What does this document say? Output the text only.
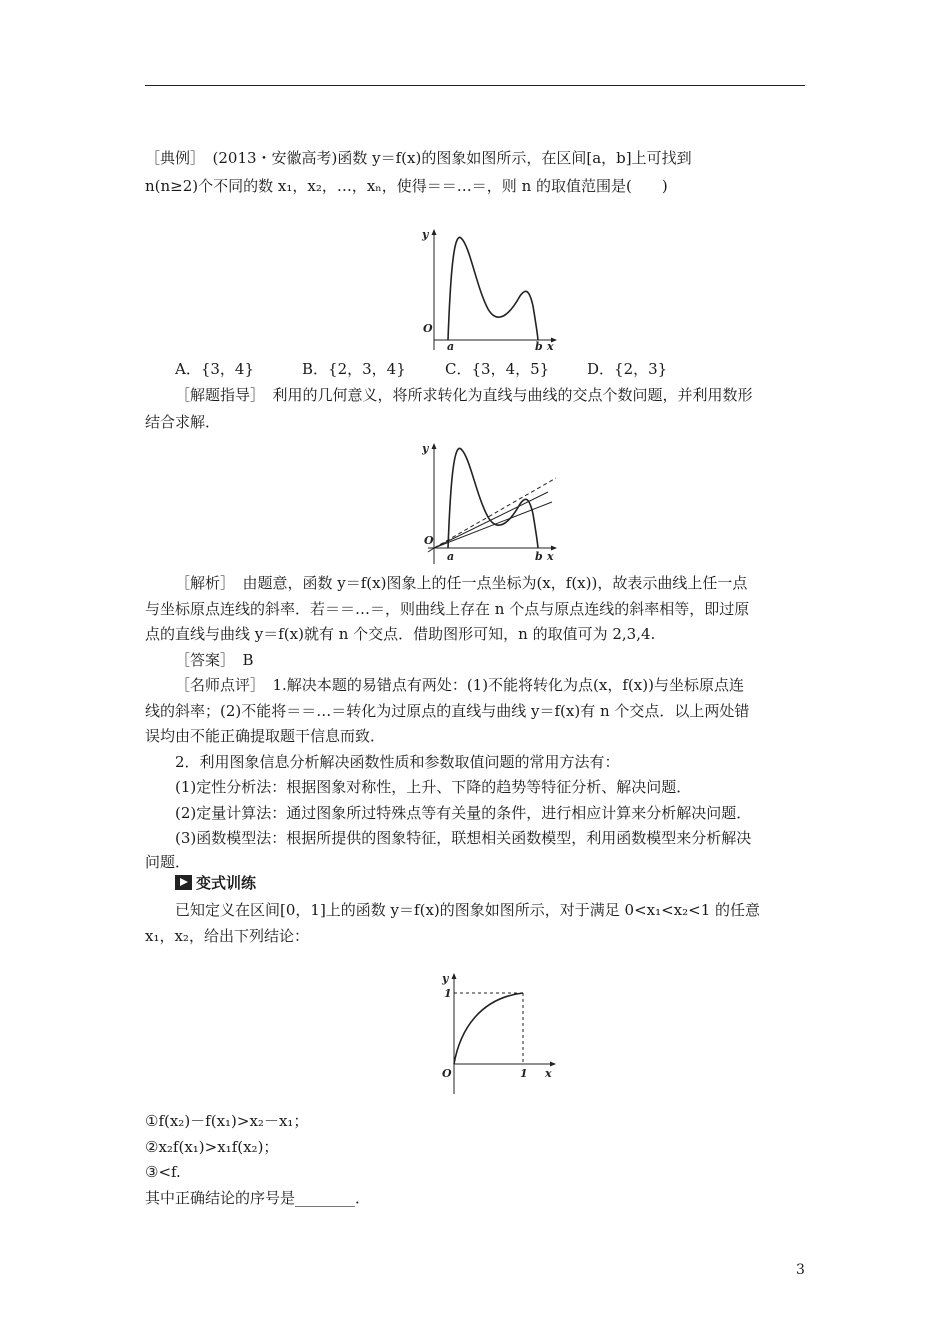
［典例］　(2013・安徽高考)函数 y＝f(x)的图象如图所示，在区间[a，b]上可找到
n(n≥2)个不同的数 x₁，x₂，…，xₙ，使得＝＝…＝，则 n 的取值范围是(　　)
y
O
a	b x
A．{3，4}	B．{2，3，4}	C．{3，4，5}	D．{2，3}
［解题指导］　利用的几何意义，将所求转化为直线与曲线的交点个数问题，并利用数形
结合求解．
y
O
a	b x
［解析］　由题意，函数 y＝f(x)图象上的任一点坐标为(x，f(x))，故表示曲线上任一点
与坐标原点连线的斜率．若＝＝…＝，则曲线上存在 n 个点与原点连线的斜率相等，即过原
点的直线与曲线 y＝f(x)就有 n 个交点．借助图形可知，n 的取值可为 2,3,4.
［答案］　B
［名师点评］　1.解决本题的易错点有两处：(1)不能将转化为点(x，f(x))与坐标原点连
线的斜率；(2)不能将＝＝…＝转化为过原点的直线与曲线 y＝f(x)有 n 个交点．以上两处错
误均由不能正确提取题干信息而致．
2．利用图象信息分析解决函数性质和参数取值问题的常用方法有：
(1)定性分析法：根据图象对称性，上升、下降的趋势等特征分析、解决问题．
(2)定量计算法：通过图象所过特殊点等有关量的条件，进行相应计算来分析解决问题．
(3)函数模型法：根据所提供的图象特征，联想相关函数模型，利用函数模型来分析解决
问题．
变式训练
已知定义在区间[0，1]上的函数 y＝f(x)的图象如图所示，对于满足 0<x₁<x₂<1 的任意
x₁，x₂，给出下列结论：
y
1
O	1 x
①f(x₂)－f(x₁)>x₂－x₁；
②x₂f(x₁)>x₁f(x₂)；
③<f.
其中正确结论的序号是________．
3
